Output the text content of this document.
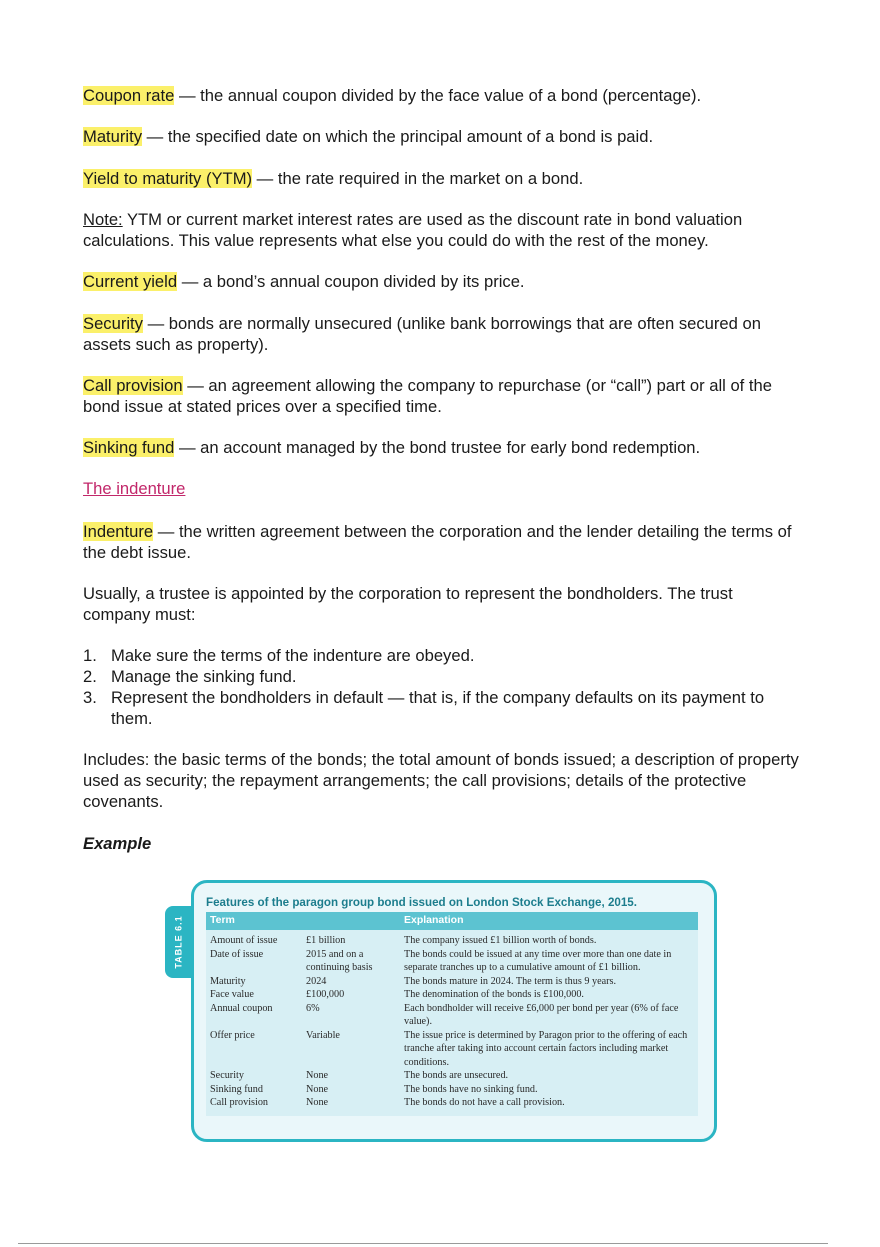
Coupon rate — the annual coupon divided by the face value of a bond (percentage).

Maturity — the specified date on which the principal amount of a bond is paid.

Yield to maturity (YTM) — the rate required in the market on a bond.

Note: YTM or current market interest rates are used as the discount rate in bond valuation calculations. This value represents what else you could do with the rest of the money.

Current yield — a bond’s annual coupon divided by its price.

Security — bonds are normally unsecured (unlike bank borrowings that are often secured on assets such as property).

Call provision — an agreement allowing the company to repurchase (or “call”) part or all of the bond issue at stated prices over a specified time.

Sinking fund — an account managed by the bond trustee for early bond redemption.

The indenture

Indenture — the written agreement between the corporation and the lender detailing the terms of the debt issue.

Usually, a trustee is appointed by the corporation to represent the bondholders. The trust company must:

1. Make sure the terms of the indenture are obeyed.
2. Manage the sinking fund.
3. Represent the bondholders in default — that is, if the company defaults on its payment to them.

Includes: the basic terms of the bonds; the total amount of bonds issued; a description of property used as security; the repayment arrangements; the call provisions; details of the protective covenants.

Example

TABLE 6.1
Features of the paragon group bond issued on London Stock Exchange, 2015.
Term		Explanation
Amount of issue	£1 billion	The company issued £1 billion worth of bonds.
Date of issue	2015 and on a continuing basis	The bonds could be issued at any time over more than one date in separate tranches up to a cumulative amount of £1 billion.
Maturity	2024	The bonds mature in 2024. The term is thus 9 years.
Face value	£100,000	The denomination of the bonds is £100,000.
Annual coupon	6%	Each bondholder will receive £6,000 per bond per year (6% of face value).
Offer price	Variable	The issue price is determined by Paragon prior to the offering of each tranche after taking into account certain factors including market conditions.
Security	None	The bonds are unsecured.
Sinking fund	None	The bonds have no sinking fund.
Call provision	None	The bonds do not have a call provision.
